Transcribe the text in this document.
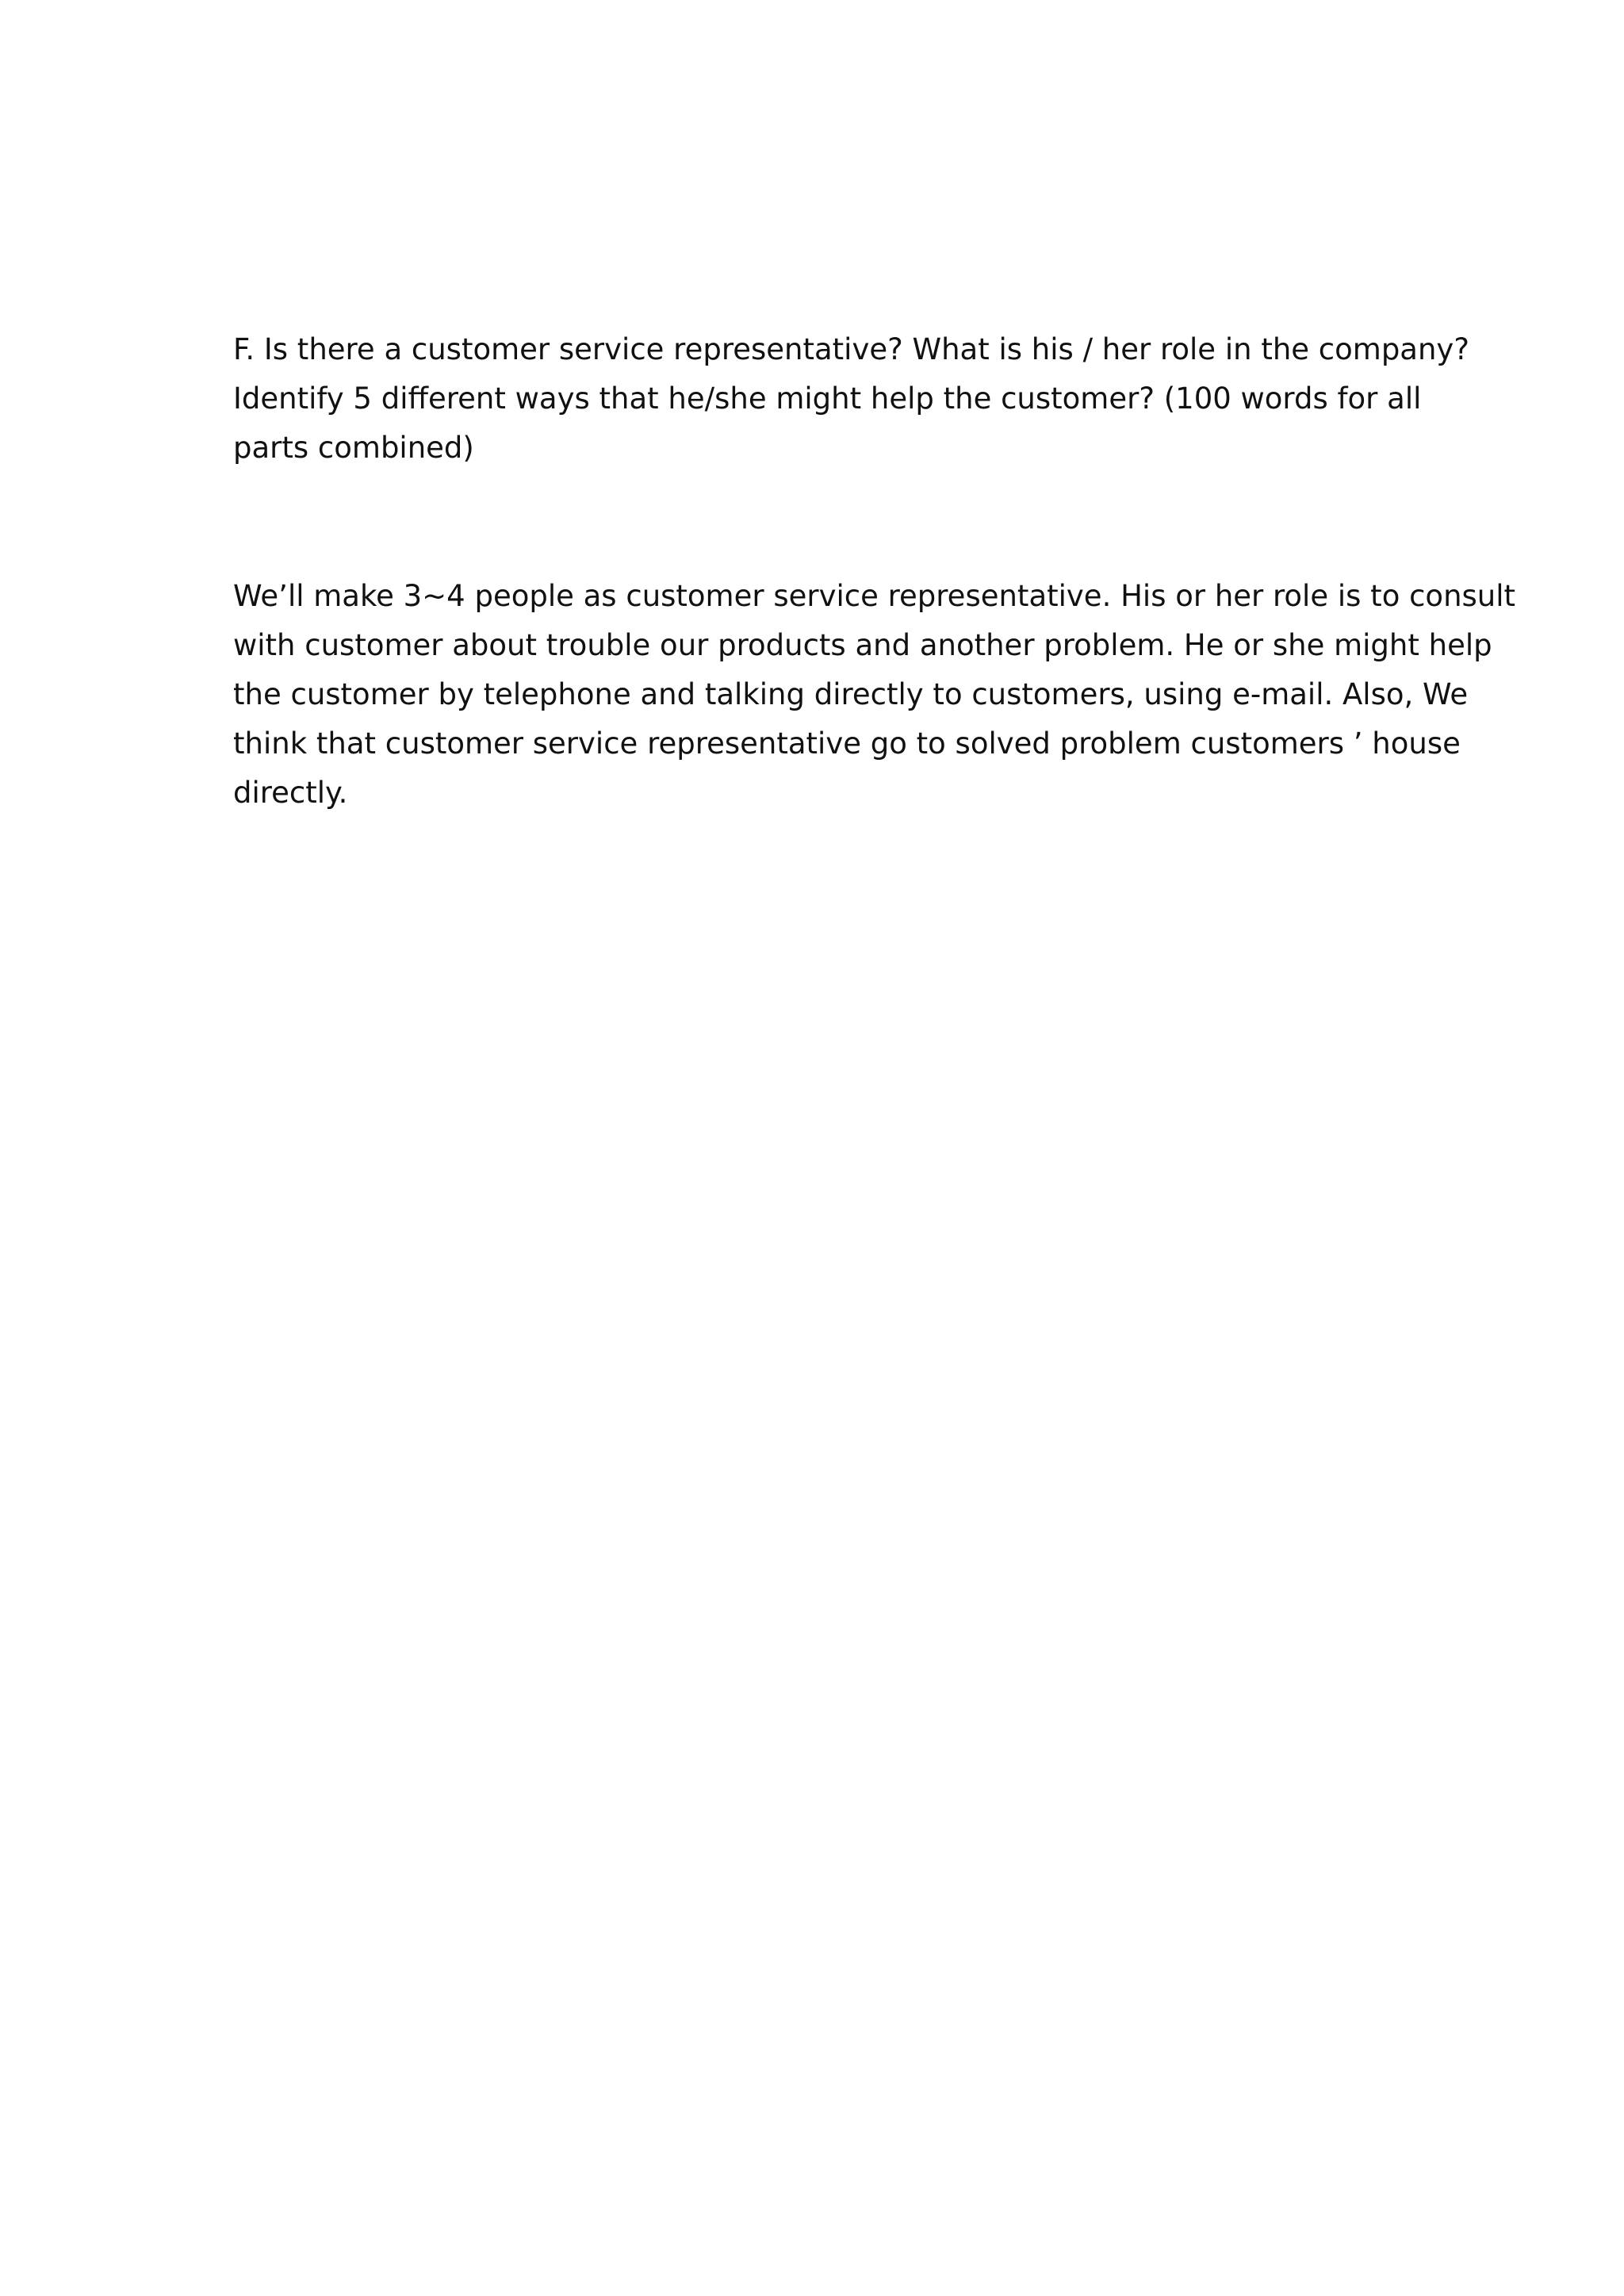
F. Is there a customer service representative? What is his / her role in the company?
Identify 5 different ways that he/she might help the customer? (100 words for all
parts combined)
We’ll make 3~4 people as customer service representative. His or her role is to consult
with customer about trouble our products and another problem. He or she might help
the customer by telephone and talking directly to customers, using e-mail. Also, We
think that customer service representative go to solved problem customers ’ house
directly.
